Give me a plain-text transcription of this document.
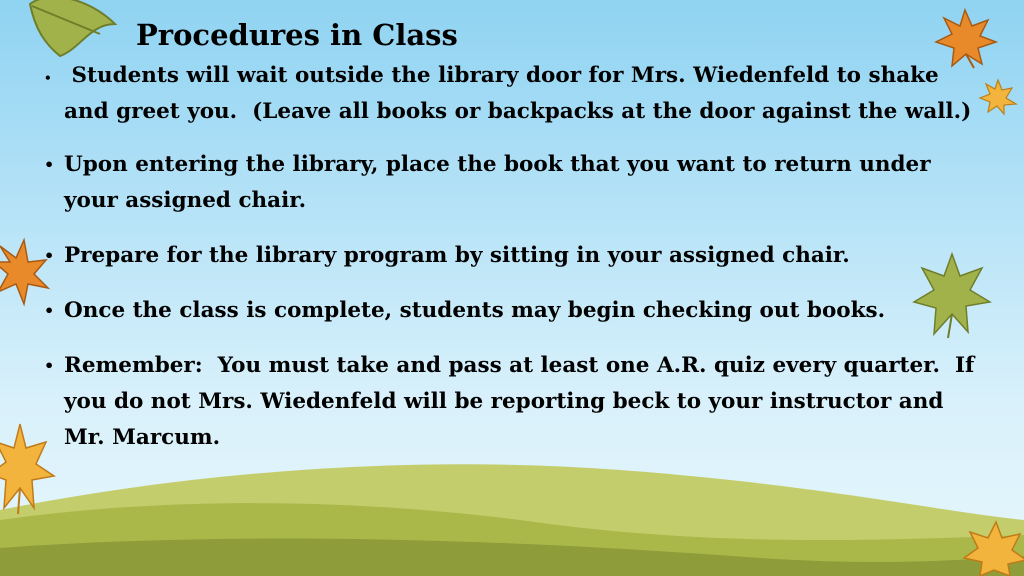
Procedures in Class
• Students will wait outside the library door for Mrs. Wiedenfeld to shake and greet you.  (Leave all books or backpacks at the door against the wall.)
• Upon entering the library, place the book that you want to return under your assigned chair.
• Prepare for the library program by sitting in your assigned chair.
• Once the class is complete, students may begin checking out books.
• Remember:  You must take and pass at least one A.R. quiz every quarter.  If you do not Mrs. Wiedenfeld will be reporting beck to your instructor and Mr. Marcum.
